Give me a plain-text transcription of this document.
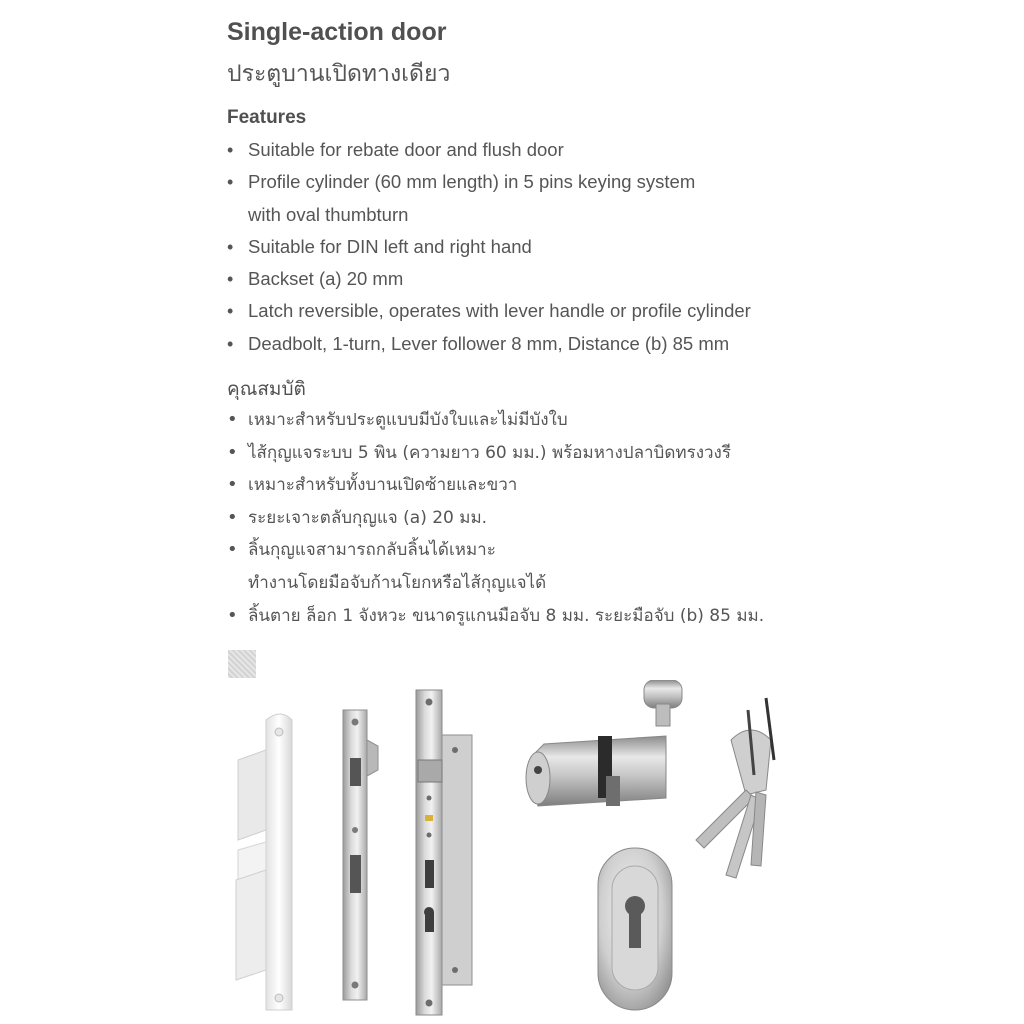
Single-action door
ประตูบานเปิดทางเดียว
Features
• Suitable for rebate door and flush door
• Profile cylinder (60 mm length) in 5 pins keying system
with oval thumbturn
• Suitable for DIN left and right hand
• Backset (a) 20 mm
• Latch reversible, operates with lever handle or profile cylinder
• Deadbolt, 1-turn, Lever follower 8 mm, Distance (b) 85 mm
คุณสมบัติ
• เหมาะสำหรับประตูแบบมีบังใบและไม่มีบังใบ
• ไส้กุญแจระบบ 5 พิน (ความยาว 60 มม.) พร้อมหางปลาบิดทรงวงรี
• เหมาะสำหรับทั้งบานเปิดซ้ายและขวา
• ระยะเจาะตลับกุญแจ (a) 20 มม.
• ลิ้นกุญแจสามารถกลับลิ้นได้เหมาะ
ทำงานโดยมือจับก้านโยกหรือไส้กุญแจได้
• ลิ้นตาย ล็อก 1 จังหวะ ขนาดรูแกนมือจับ 8 มม. ระยะมือจับ (b) 85 มม.
